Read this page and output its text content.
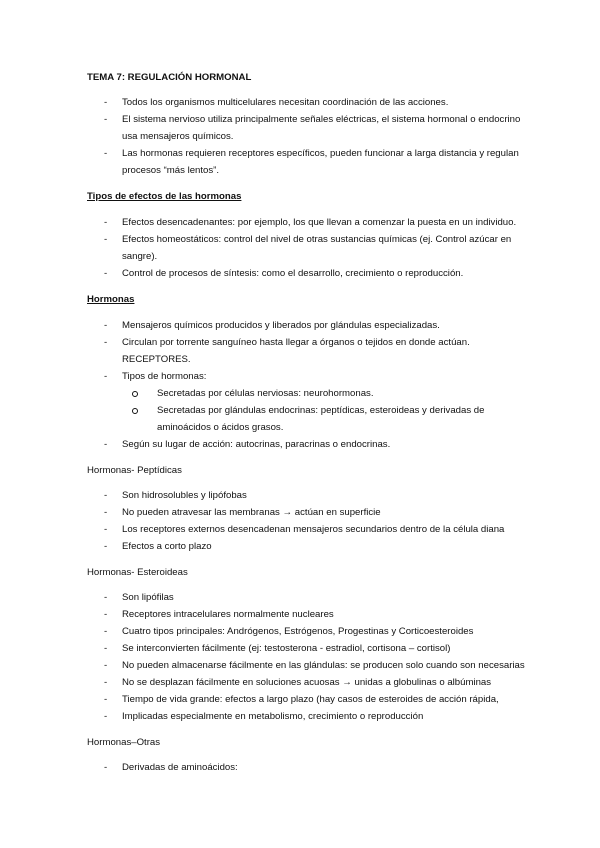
TEMA 7: REGULACIÓN HORMONAL
- Todos los organismos multicelulares necesitan coordinación de las acciones.
- El sistema nervioso utiliza principalmente señales eléctricas, el sistema hormonal o endocrino usa mensajeros químicos.
- Las hormonas requieren receptores específicos, pueden funcionar a larga distancia y regulan procesos “más lentos”.
Tipos de efectos de las hormonas
- Efectos desencadenantes: por ejemplo, los que llevan a comenzar la puesta en un individuo.
- Efectos homeostáticos: control del nivel de otras sustancias químicas (ej. Control azúcar en sangre).
- Control de procesos de síntesis: como el desarrollo, crecimiento o reproducción.
Hormonas
- Mensajeros químicos producidos y liberados por glándulas especializadas.
- Circulan por torrente sanguíneo hasta llegar a órganos o tejidos en donde actúan. RECEPTORES.
- Tipos de hormonas:
Secretadas por células nerviosas: neurohormonas.
Secretadas por glándulas endocrinas: peptídicas, esteroideas y derivadas de aminoácidos o ácidos grasos.
- Según su lugar de acción: autocrinas, paracrinas o endocrinas.
Hormonas- Peptídicas
- Son hidrosolubles y lipófobas
- No pueden atravesar las membranas → actúan en superficie
- Los receptores externos desencadenan mensajeros secundarios dentro de la célula diana
- Efectos a corto plazo
Hormonas- Esteroideas
- Son lipófilas
- Receptores intracelulares normalmente nucleares
- Cuatro tipos principales: Andrógenos, Estrógenos, Progestinas y Corticoesteroides
- Se interconvierten fácilmente (ej: testosterona - estradiol, cortisona – cortisol)
- No pueden almacenarse fácilmente en las glándulas: se producen solo cuando son necesarias
- No se desplazan fácilmente en soluciones acuosas → unidas a globulinas o albúminas
- Tiempo de vida grande: efectos a largo plazo (hay casos de esteroides de acción rápida,
- Implicadas especialmente en metabolismo, crecimiento o reproducción
Hormonas–Otras
- Derivadas de aminoácidos:
